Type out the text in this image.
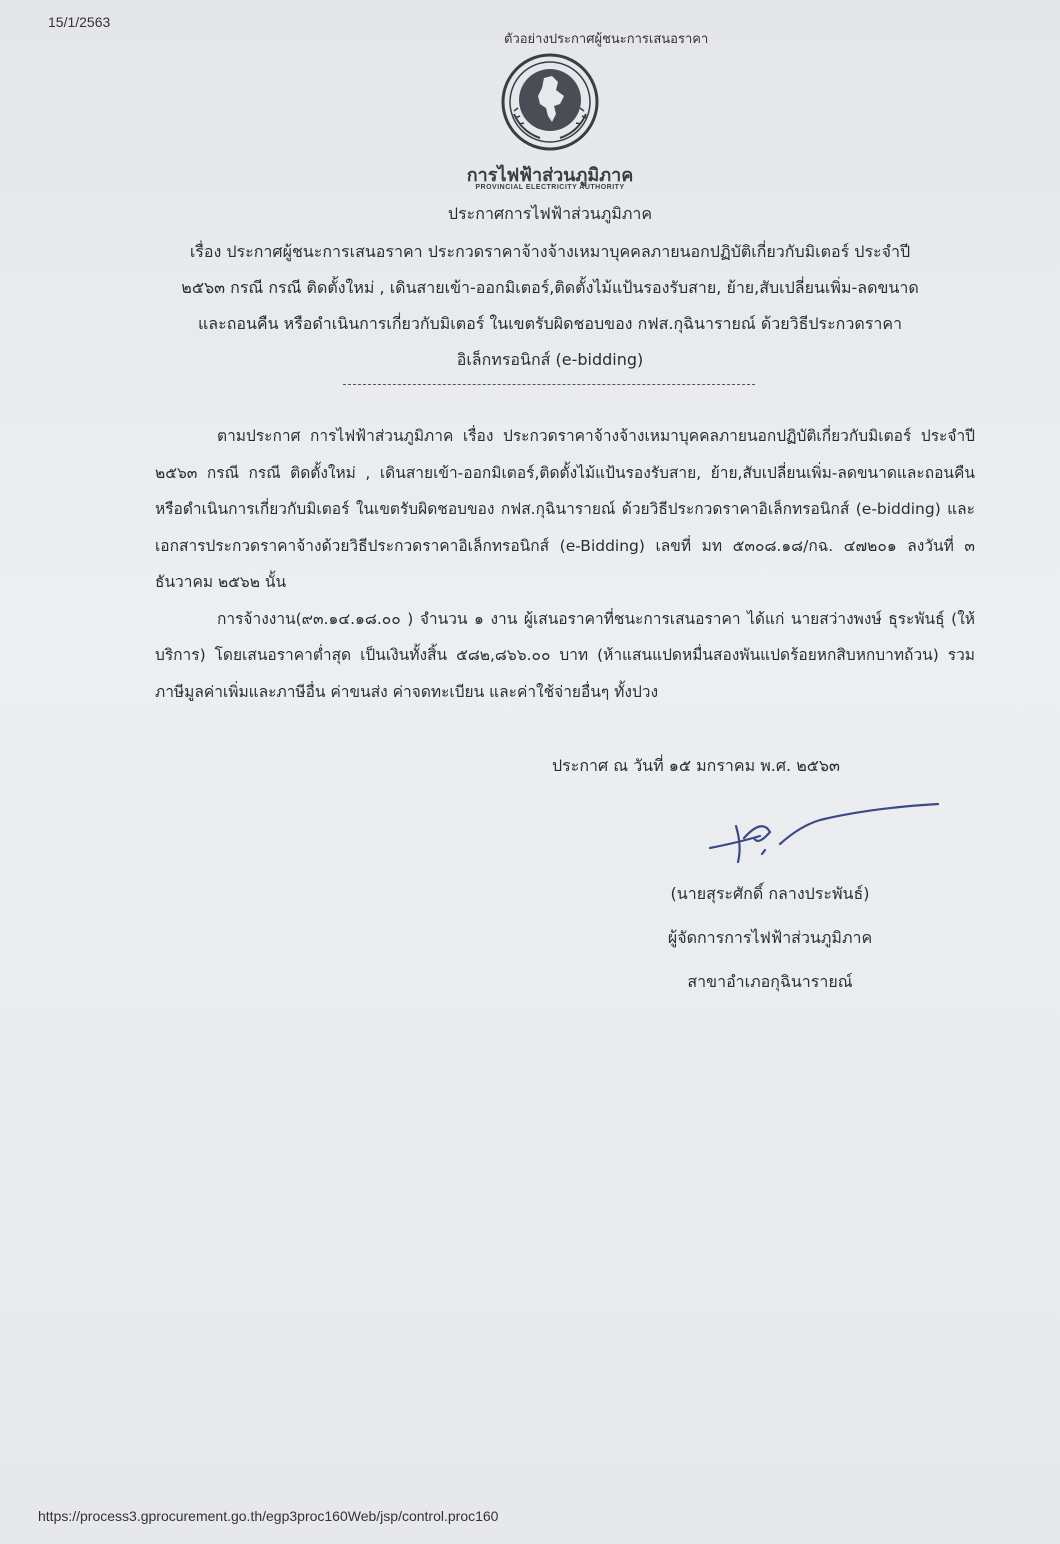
15/1/2563
ตัวอย่างประกาศผู้ชนะการเสนอราคา
การไฟฟ้าส่วนภูมิภาค
PROVINCIAL ELECTRICITY AUTHORITY
ประกาศการไฟฟ้าส่วนภูมิภาค
เรื่อง ประกาศผู้ชนะการเสนอราคา ประกวดราคาจ้างจ้างเหมาบุคคลภายนอกปฏิบัติเกี่ยวกับมิเตอร์ ประจำปี
๒๕๖๓ กรณี กรณี ติดตั้งใหม่ , เดินสายเข้า-ออกมิเตอร์,ติดตั้งไม้แป้นรองรับสาย, ย้าย,สับเปลี่ยนเพิ่ม-ลดขนาด
และถอนคืน หรือดำเนินการเกี่ยวกับมิเตอร์ ในเขตรับผิดชอบของ กฟส.กุฉินารายณ์ ด้วยวิธีประกวดราคา
อิเล็กทรอนิกส์ (e-bidding)

ตามประกาศ การไฟฟ้าส่วนภูมิภาค เรื่อง ประกวดราคาจ้างจ้างเหมาบุคคลภายนอกปฏิบัติเกี่ยวกับมิเตอร์ ประจำปี ๒๕๖๓ กรณี กรณี ติดตั้งใหม่ , เดินสายเข้า-ออกมิเตอร์,ติดตั้งไม้แป้นรองรับสาย, ย้าย,สับเปลี่ยนเพิ่ม-ลดขนาดและถอนคืน หรือดำเนินการเกี่ยวกับมิเตอร์ ในเขตรับผิดชอบของ กฟส.กุฉินารายณ์ ด้วยวิธีประกวดราคาอิเล็กทรอนิกส์ (e-bidding) และเอกสารประกวดราคาจ้างด้วยวิธีประกวดราคาอิเล็กทรอนิกส์ (e-Bidding) เลขที่ มท ๕๓๐๘.๑๘/กฉ. ๔๗๒๐๑ ลงวันที่ ๓ ธันวาคม ๒๕๖๒ นั้น

การจ้างงาน(๙๓.๑๔.๑๘.๐๐ ) จำนวน ๑ งาน ผู้เสนอราคาที่ชนะการเสนอราคา ได้แก่ นายสว่างพงษ์ ธุระพันธุ์ (ให้บริการ) โดยเสนอราคาต่ำสุด เป็นเงินทั้งสิ้น ๕๘๒,๘๖๖.๐๐ บาท (ห้าแสนแปดหมื่นสองพันแปดร้อยหกสิบหกบาทถ้วน) รวมภาษีมูลค่าเพิ่มและภาษีอื่น ค่าขนส่ง ค่าจดทะเบียน และค่าใช้จ่ายอื่นๆ ทั้งปวง

ประกาศ ณ วันที่ ๑๕ มกราคม พ.ศ. ๒๕๖๓
(นายสุระศักดิ์ กลางประพันธ์)
ผู้จัดการการไฟฟ้าส่วนภูมิภาค
สาขาอำเภอกุฉินารายณ์
https://process3.gprocurement.go.th/egp3proc160Web/jsp/control.proc160
